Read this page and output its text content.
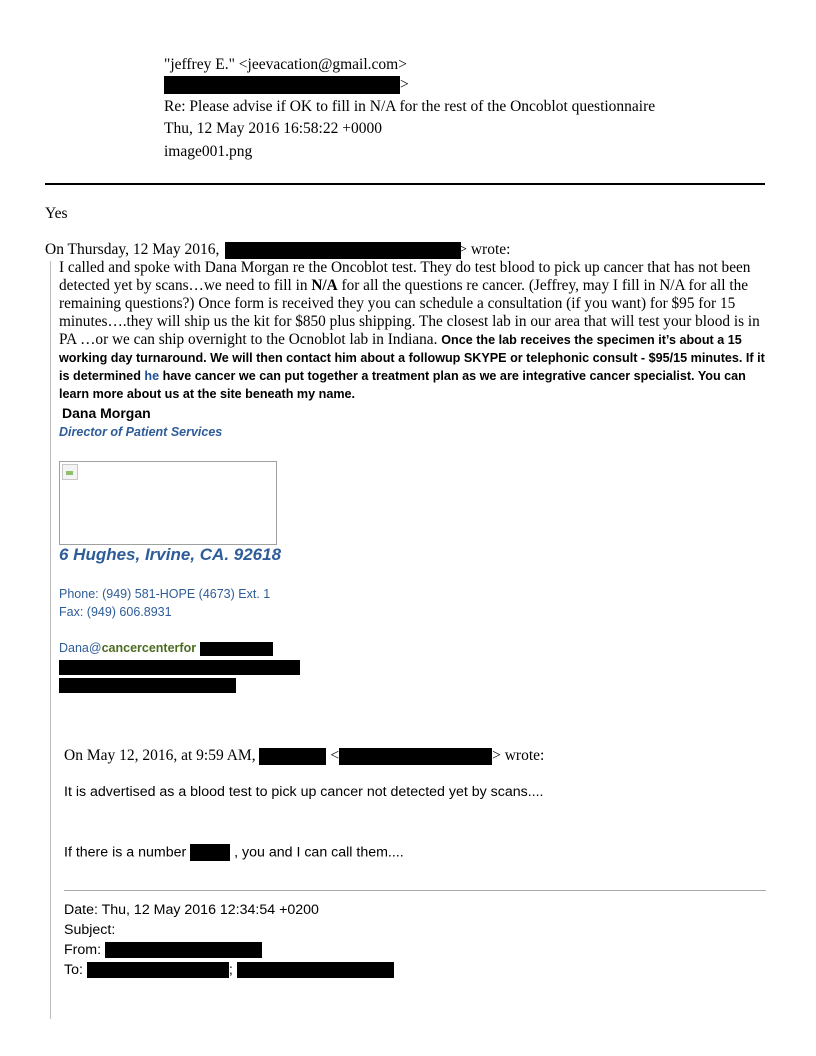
"jeffrey E." <jeevacation@gmail.com>
>
Re: Please advise if OK to fill in N/A for the rest of the Oncoblot questionnaire
Thu, 12 May 2016 16:58:22 +0000
image001.png
Yes
On Thursday, 12 May 2016,	> wrote:
I called and spoke with Dana Morgan re the Oncoblot test. They do test blood to pick up cancer that has not been detected yet by scans…we need to fill in N/A for all the questions re cancer. (Jeffrey, may I fill in N/A for all the remaining questions?) Once form is received they you can schedule a consultation (if you want) for $95 for 15 minutes….they will ship us the kit for $850 plus shipping. The closest lab in our area that will test your blood is in PA …or we can ship overnight to the Ocnoblot lab in Indiana. Once the lab receives the specimen it’s about a 15 working day turnaround. We will then contact him about a followup SKYPE or telephonic consult - $95/15 minutes. If it is determined he have cancer we can put together a treatment plan as we are integrative cancer specialist. You can learn more about us at the site beneath my name.
Dana Morgan
Director of Patient Services
6 Hughes, Irvine, CA. 92618
Phone: (949) 581-HOPE (4673) Ext. 1
Fax: (949) 606.8931
Dana@cancercenterfor
On May 12, 2016, at 9:59 AM,	<	> wrote:
It is advertised as a blood test to pick up cancer not detected yet by scans....
If there is a number	, you and I can call them....
Date: Thu, 12 May 2016 12:34:54 +0200
Subject:
From:
To:	;
